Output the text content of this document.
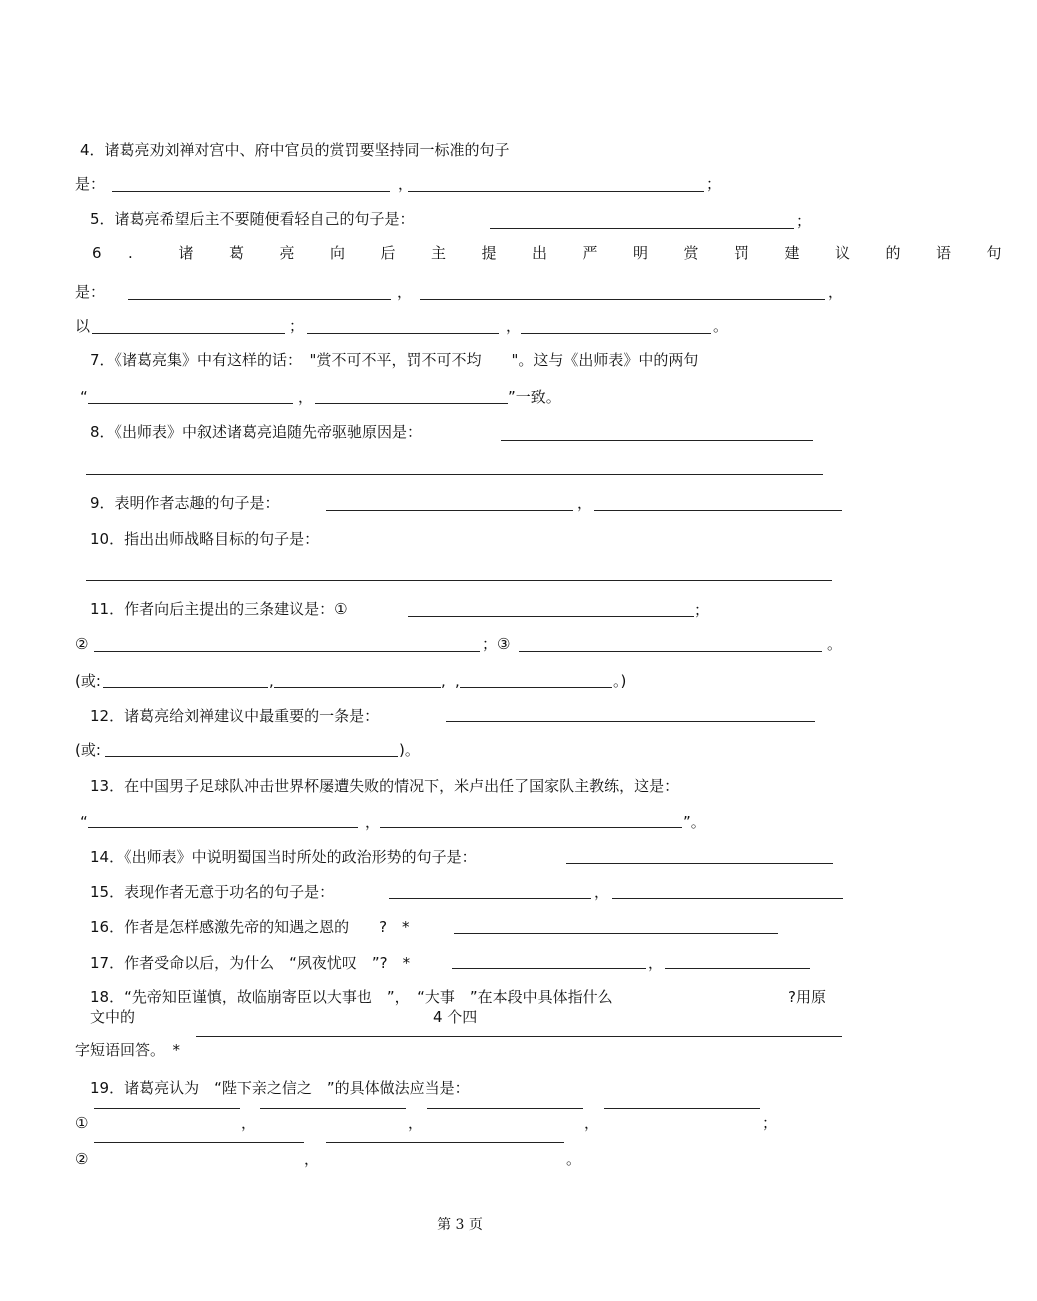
4．诸葛亮劝刘禅对宫中、府中官员的赏罚要坚持同一标准的句子
是：	，	；
5．诸葛亮希望后主不要随便看轻自己的句子是：	；
6 .	诸 葛 亮 向 后 主 提 出 严 明 赏 罚 建 议 的 语 句
是：	，	，
以	；	，	。
7．《诸葛亮集》中有这样的话：　"赏不可不平，罚不可不均　　"。这与《出师表》中的两句
“	，	”一致。
8．《出师表》中叙述诸葛亮追随先帝驱驰原因是：
9．表明作者志趣的句子是：	，
10．指出出师战略目标的句子是：
11．作者向后主提出的三条建议是：①	；
②	；③	。
(或:	,	, ,	。)
12．诸葛亮给刘禅建议中最重要的一条是：
(或:	)。
13．在中国男子足球队冲击世界杯屡遭失败的情况下，米卢出任了国家队主教练，这是：
“	，	”。
14．《出师表》中说明蜀国当时所处的政治形势的句子是：
15．表现作者无意于功名的句子是：	，
16．作者是怎样感激先帝的知遇之恩的　　?　*
17．作者受命以后，为什么　“夙夜忧叹　”?　*	，
18．“先帝知臣谨慎，故临崩寄臣以大事也　”，　“大事　”在本段中具体指什么	?用原
文中的	4 个四
字短语回答。　*
19．诸葛亮认为　“陛下亲之信之　”的具体做法应当是：
①	，	，	，	；
②	，	。
第 3 页
